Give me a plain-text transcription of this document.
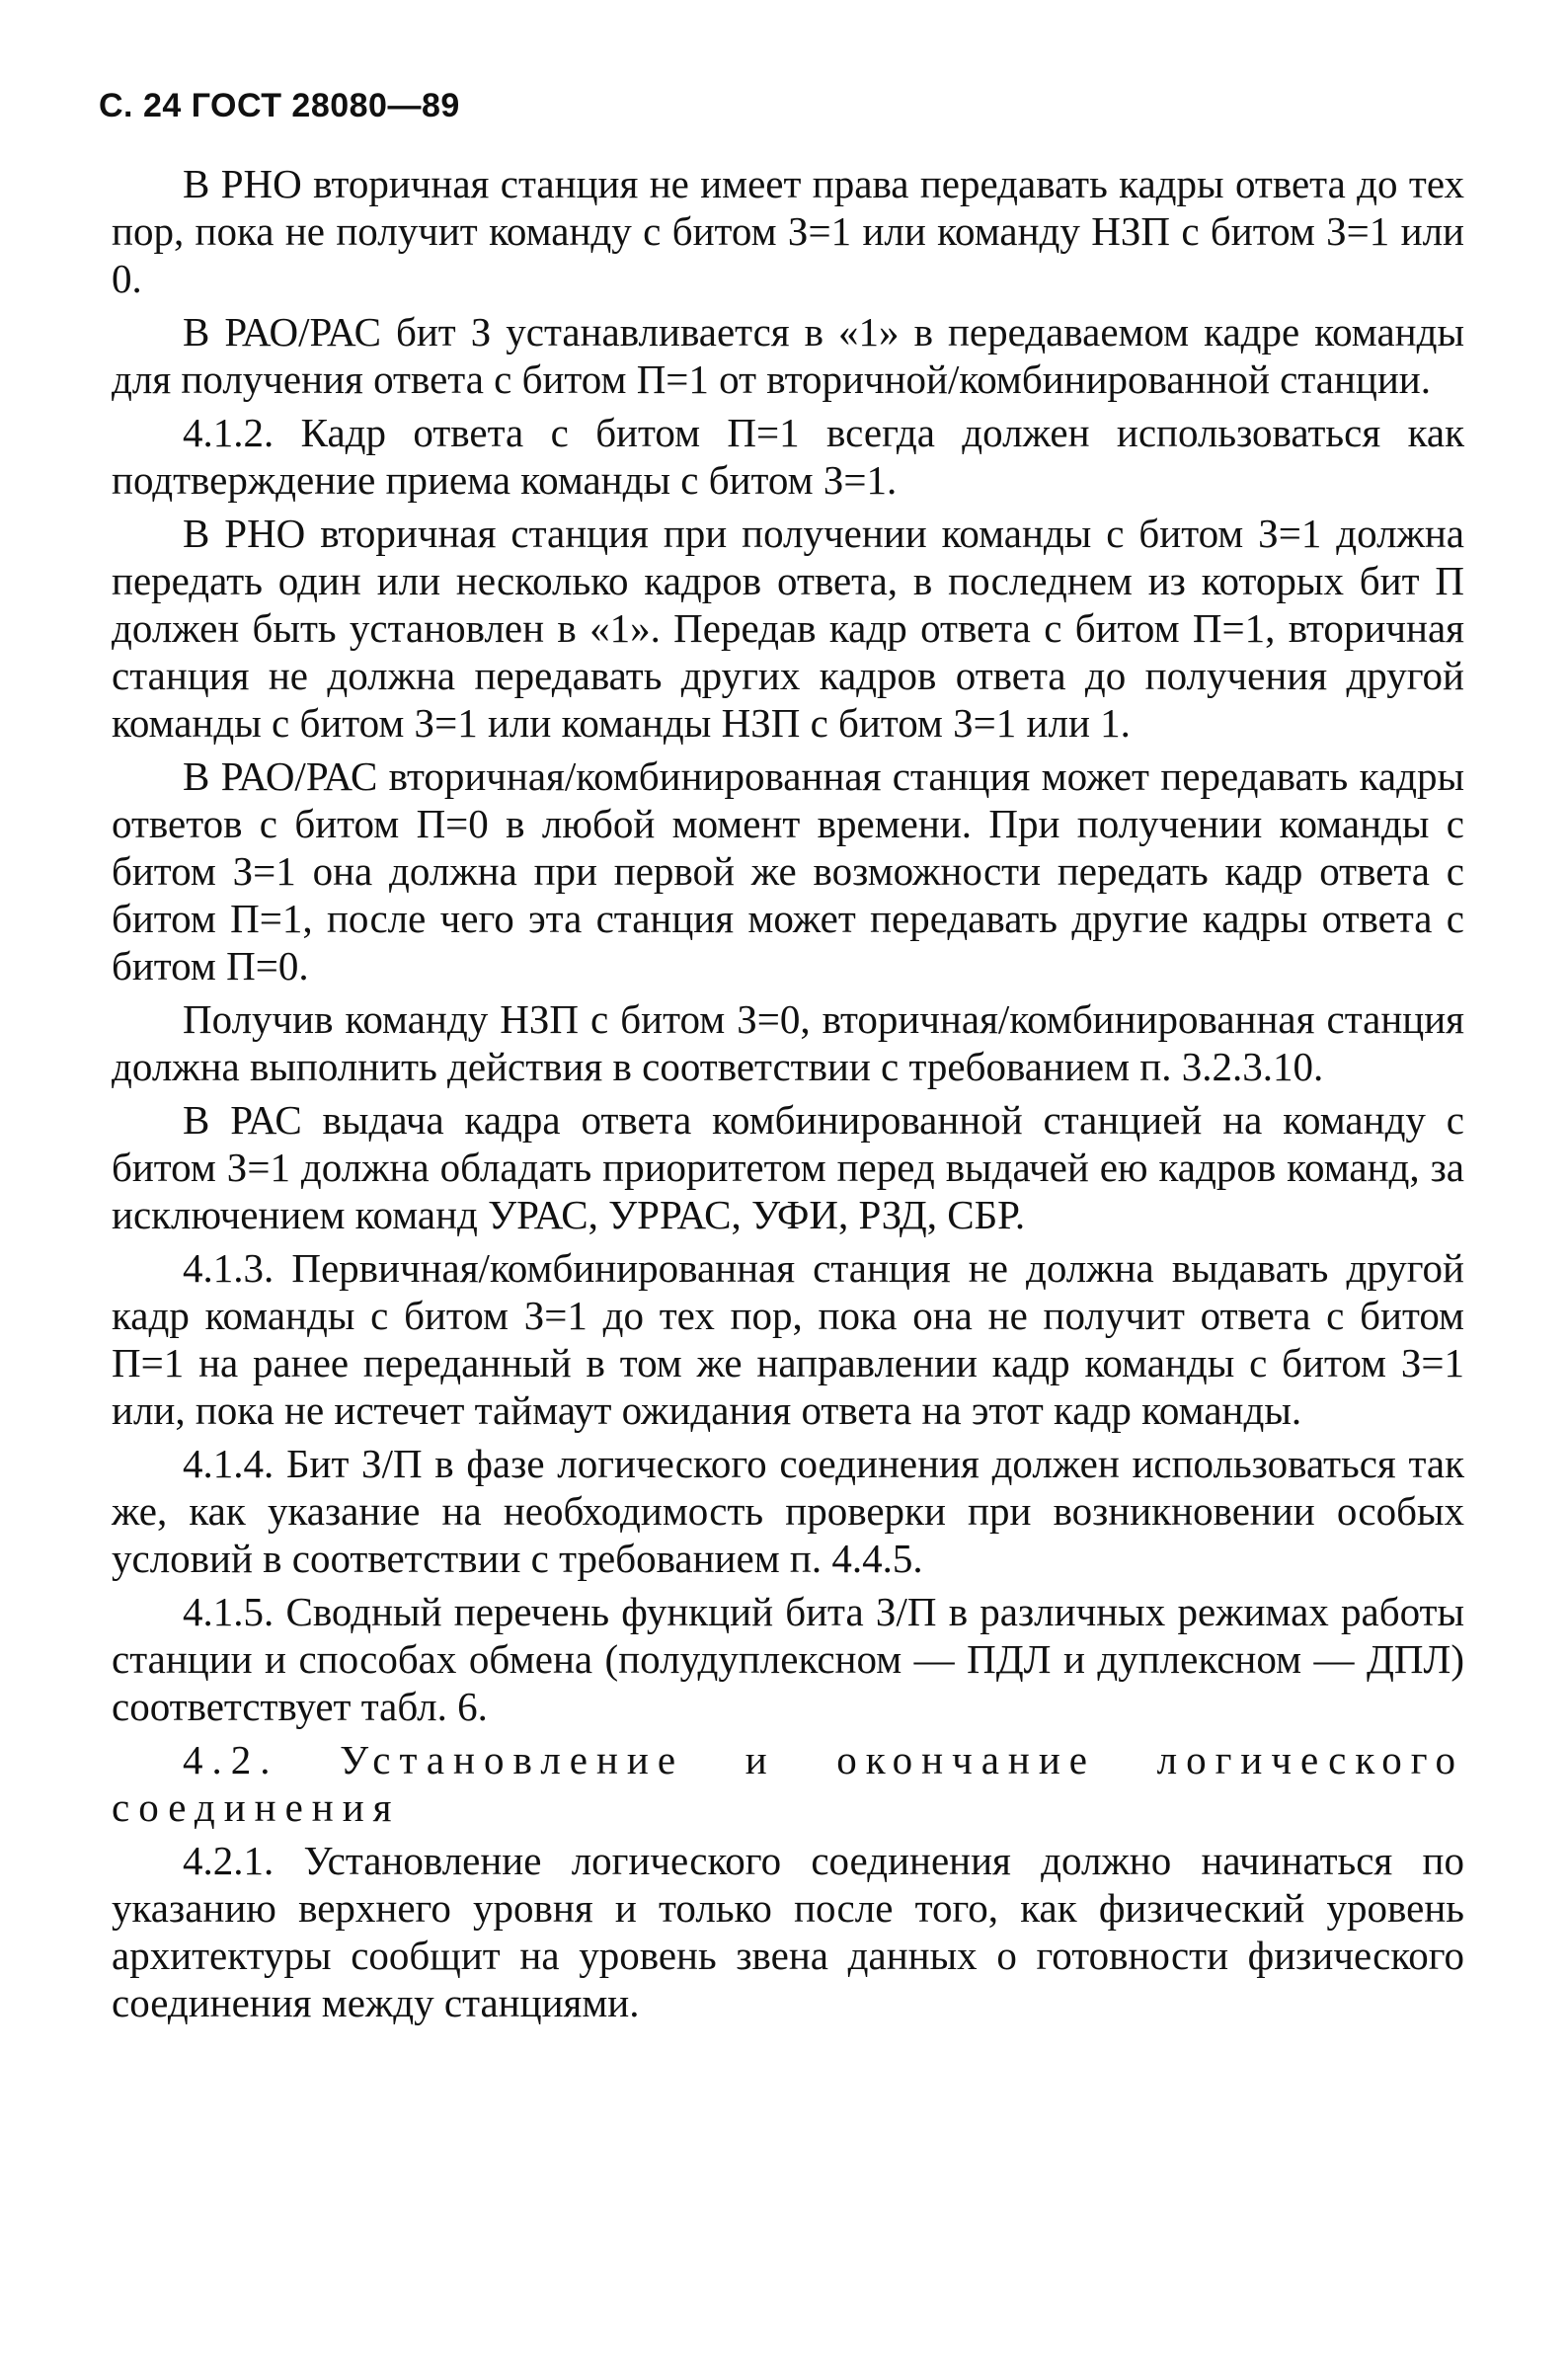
С. 24 ГОСТ 28080—89

В РНО вторичная станция не имеет права передавать кадры ответа до тех пор, пока не получит команду с битом З=1 или команду НЗП с битом З=1 или 0.

В РАО/РАС бит З устанавливается в «1» в передаваемом кадре команды для получения ответа с битом П=1 от вторичной/комбинированной станции.

4.1.2. Кадр ответа с битом П=1 всегда должен использоваться как подтверждение приема команды с битом З=1.

В РНО вторичная станция при получении команды с битом З=1 должна передать один или несколько кадров ответа, в последнем из которых бит П должен быть установлен в «1». Передав кадр ответа с битом П=1, вторичная станция не должна передавать других кадров ответа до получения другой команды с битом З=1 или команды НЗП с битом З=1 или 1.

В РАО/РАС вторичная/комбинированная станция может передавать кадры ответов с битом П=0 в любой момент времени. При получении команды с битом З=1 она должна при первой же возможности передать кадр ответа с битом П=1, после чего эта станция может передавать другие кадры ответа с битом П=0.

Получив команду НЗП с битом З=0, вторичная/комбинированная станция должна выполнить действия в соответствии с требованием п. 3.2.3.10.

В РАС выдача кадра ответа комбинированной станцией на команду с битом З=1 должна обладать приоритетом перед выдачей ею кадров команд, за исключением команд УРАС, УРРАС, УФИ, РЗД, СБР.

4.1.3. Первичная/комбинированная станция не должна выдавать другой кадр команды с битом З=1 до тех пор, пока она не получит ответа с битом П=1 на ранее переданный в том же направлении кадр команды с битом З=1 или, пока не истечет таймаут ожидания ответа на этот кадр команды.

4.1.4. Бит З/П в фазе логического соединения должен использоваться так же, как указание на необходимость проверки при возникновении особых условий в соответствии с требованием п. 4.4.5.

4.1.5. Сводный перечень функций бита З/П в различных режимах работы станции и способах обмена (полудуплексном — ПДЛ и дуплексном — ДПЛ) соответствует табл. 6.

4.2. Установление и окончание логического соединения

4.2.1. Установление логического соединения должно начинаться по указанию верхнего уровня и только после того, как физический уровень архитектуры сообщит на уровень звена данных о готовности физического соединения между станциями.
